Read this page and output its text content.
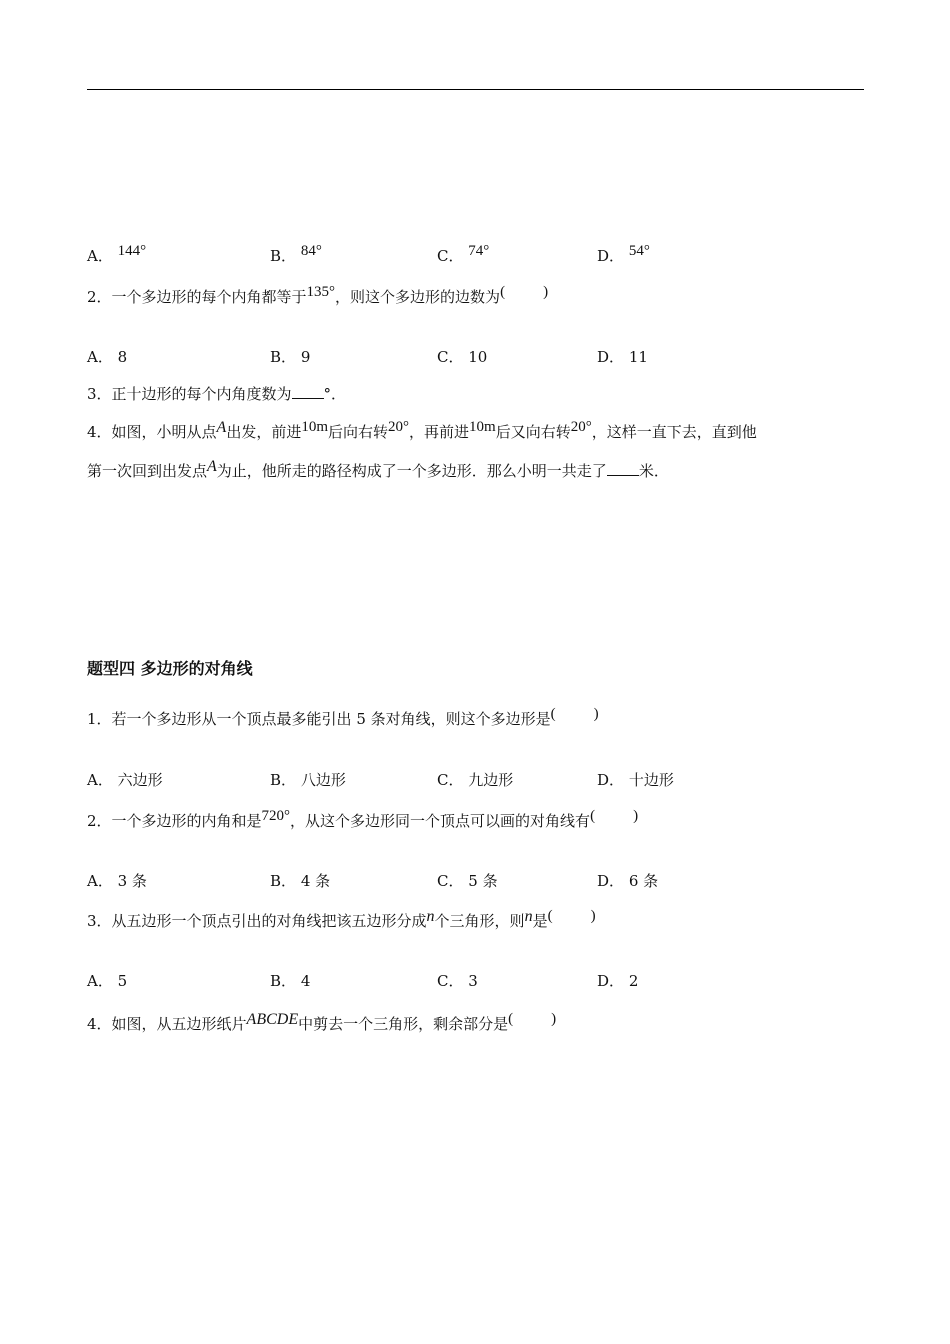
A． 144°	B． 84°	C． 74°	D． 54°
2．一个多边形的每个内角都等于135°，则这个多边形的边数为(	)
A． 8	B． 9	C． 10	D． 11
3．正十边形的每个内角度数为 °．
4．如图，小明从点A出发，前进10m后向右转20°，再前进10m后又向右转20°，这样一直下去，直到他
第一次回到出发点A为止，他所走的路径构成了一个多边形．那么小明一共走了 米．
题型四 多边形的对角线
1．若一个多边形从一个顶点最多能引出 5 条对角线，则这个多边形是(	)
A． 六边形	B． 八边形	C． 九边形	D． 十边形
2．一个多边形的内角和是720°，从这个多边形同一个顶点可以画的对角线有(	)
A． 3 条	B． 4 条	C． 5 条	D． 6 条
3．从五边形一个顶点引出的对角线把该五边形分成n个三角形，则n是(	)
A． 5	B． 4	C． 3	D． 2
4．如图，从五边形纸片ABCDE中剪去一个三角形，剩余部分是(	)
